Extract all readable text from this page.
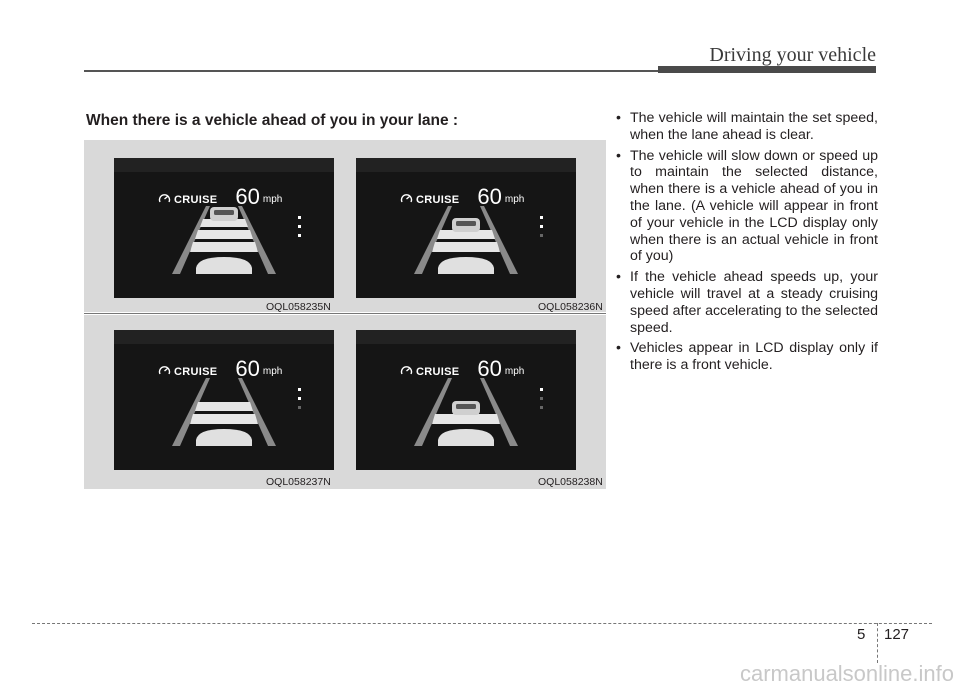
Driving your vehicle
When there is a vehicle ahead of you in your lane :
CRUISE 60 mph
OQL058235N
CRUISE 60 mph
OQL058236N
CRUISE 60 mph
OQL058237N
CRUISE 60 mph
OQL058238N
• The vehicle will maintain the set speed, when the lane ahead is clear.
• The vehicle will slow down or speed up to maintain the selected distance, when there is a vehicle ahead of you in the lane. (A vehicle will appear in front of your vehicle in the LCD display only when there is an actual vehicle in front of you)
• If the vehicle ahead speeds up, your vehicle will travel at a steady cruising speed after accelerating to the selected speed.
• Vehicles appear in LCD display only if there is a front vehicle.
5 127
carmanualsonline.info
